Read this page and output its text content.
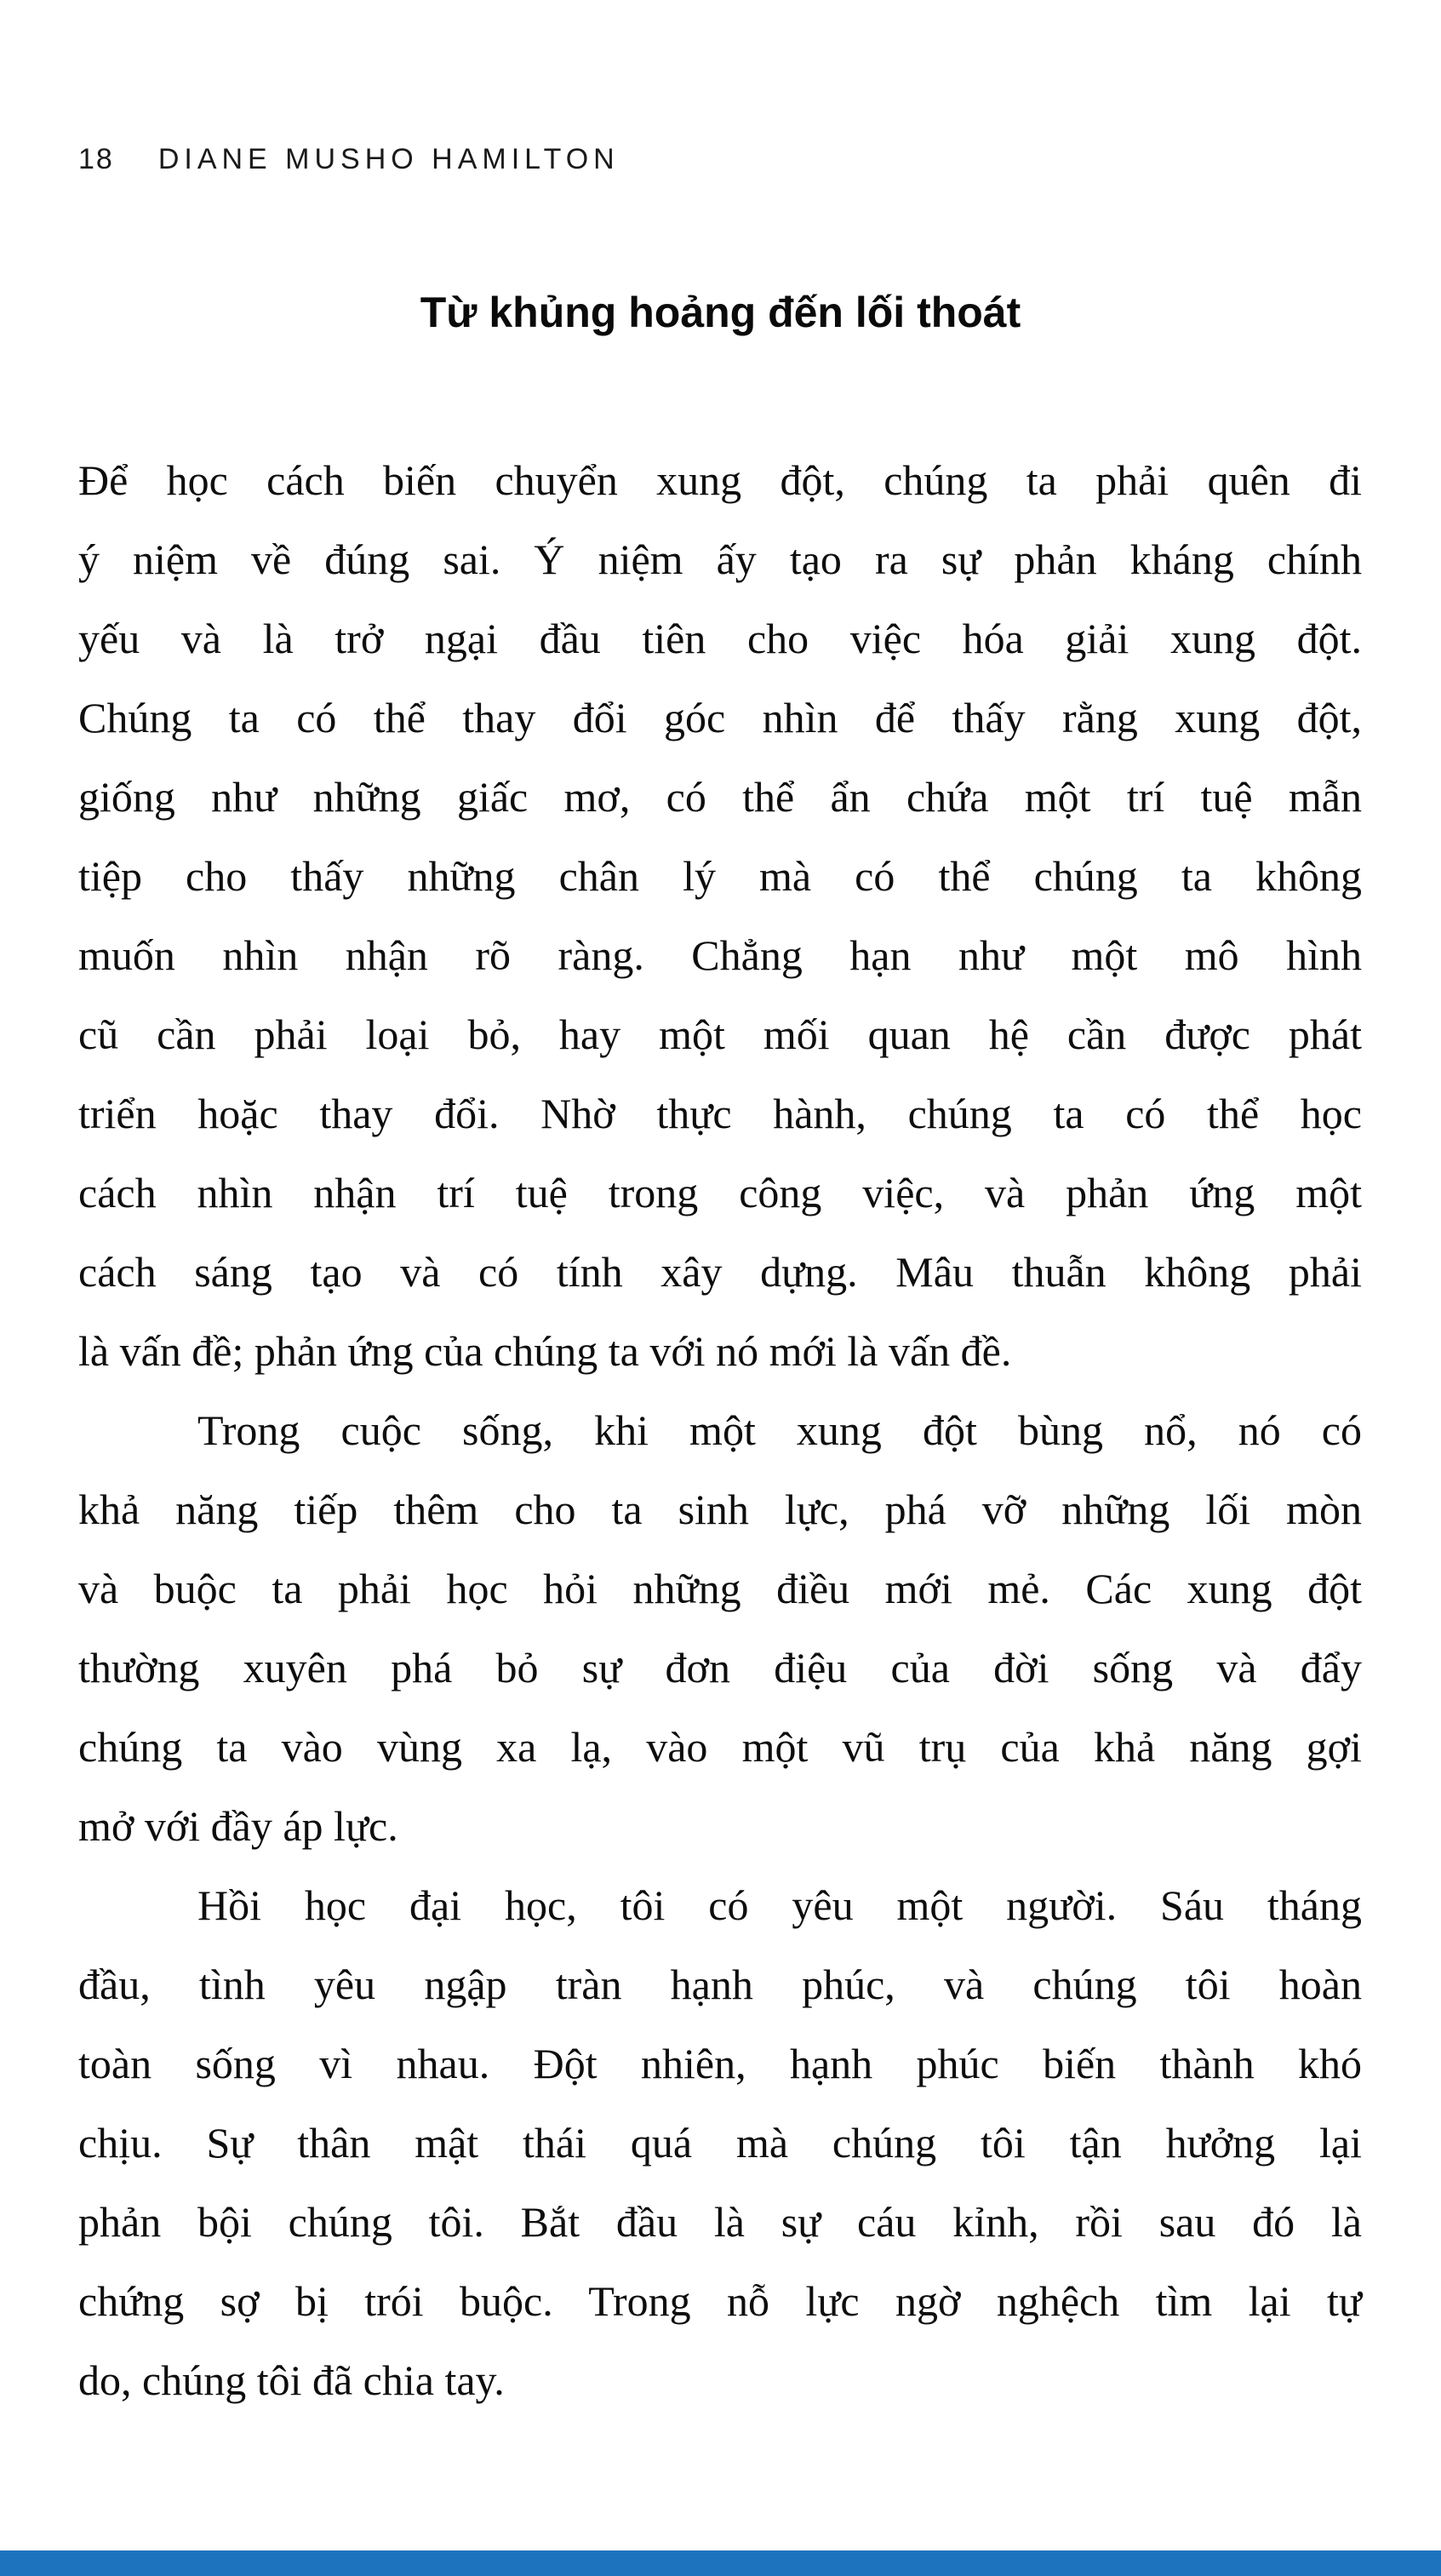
18 DIANE MUSHO HAMILTON
Từ khủng hoảng đến lối thoát
Để học cách biến chuyển xung đột, chúng ta phải quên đi
ý niệm về đúng sai. Ý niệm ấy tạo ra sự phản kháng chính
yếu và là trở ngại đầu tiên cho việc hóa giải xung đột.
Chúng ta có thể thay đổi góc nhìn để thấy rằng xung đột,
giống như những giấc mơ, có thể ẩn chứa một trí tuệ mẫn
tiệp cho thấy những chân lý mà có thể chúng ta không
muốn nhìn nhận rõ ràng. Chẳng hạn như một mô hình
cũ cần phải loại bỏ, hay một mối quan hệ cần được phát
triển hoặc thay đổi. Nhờ thực hành, chúng ta có thể học
cách nhìn nhận trí tuệ trong công việc, và phản ứng một
cách sáng tạo và có tính xây dựng. Mâu thuẫn không phải
là vấn đề; phản ứng của chúng ta với nó mới là vấn đề.
Trong cuộc sống, khi một xung đột bùng nổ, nó có
khả năng tiếp thêm cho ta sinh lực, phá vỡ những lối mòn
và buộc ta phải học hỏi những điều mới mẻ. Các xung đột
thường xuyên phá bỏ sự đơn điệu của đời sống và đẩy
chúng ta vào vùng xa lạ, vào một vũ trụ của khả năng gợi
mở với đầy áp lực.
Hồi học đại học, tôi có yêu một người. Sáu tháng
đầu, tình yêu ngập tràn hạnh phúc, và chúng tôi hoàn
toàn sống vì nhau. Đột nhiên, hạnh phúc biến thành khó
chịu. Sự thân mật thái quá mà chúng tôi tận hưởng lại
phản bội chúng tôi. Bắt đầu là sự cáu kỉnh, rồi sau đó là
chứng sợ bị trói buộc. Trong nỗ lực ngờ nghệch tìm lại tự
do, chúng tôi đã chia tay.
